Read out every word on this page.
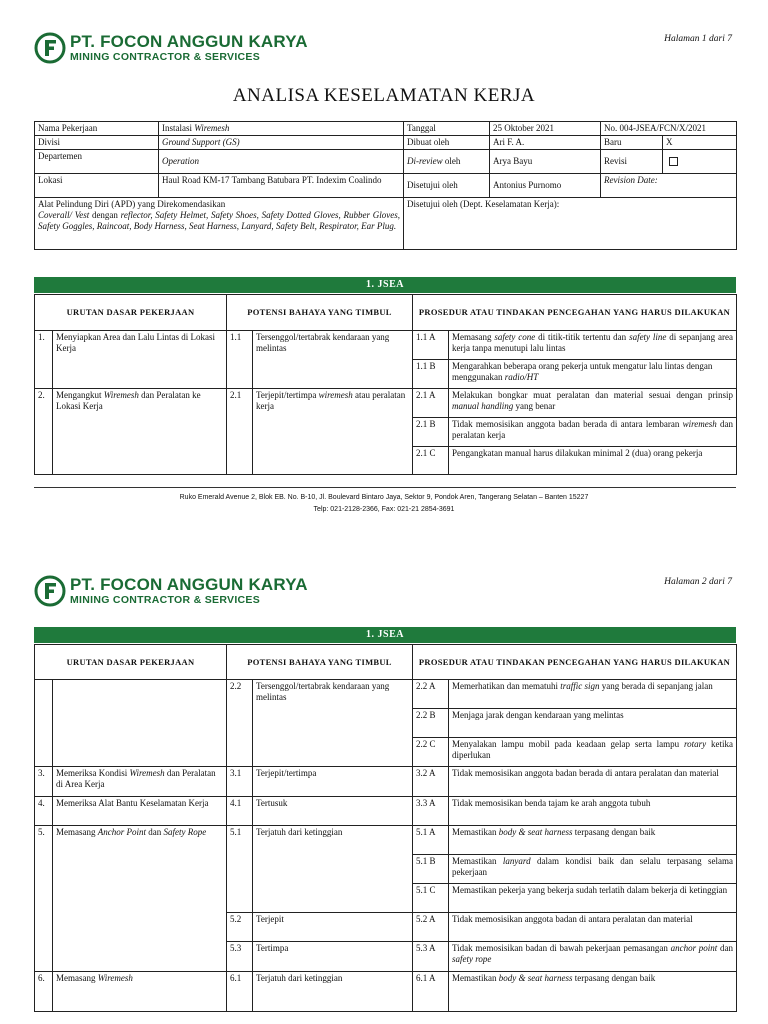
PT. FOCON ANGGUN KARYA
MINING CONTRACTOR & SERVICES
Halaman 1 dari 7
ANALISA KESELAMATAN KERJA
Nama Pekerjaan	Instalasi Wiremesh	Tanggal	25 Oktober 2021	No. 004-JSEA/FCN/X/2021	
Divisi	Ground Support (GS)	Dibuat oleh	Ari F. A.	Baru	X
Departemen	Operation	Di-review oleh	Arya Bayu	Revisi	
Lokasi	Haul Road KM-17 Tambang Batubara PT. Indexim Coalindo	Disetujui oleh	Antonius Purnomo	Revision Date:	

Alat Pelindung Diri (APD) yang Direkomendasikan
Coverall/ Vest dengan reflector, Safety Helmet, Safety Shoes, Safety Dotted Gloves, Rubber Gloves, Safety Goggles, Raincoat, Body Harness, Seat Harness, Lanyard, Safety Belt, Respirator, Ear Plug.		Disetujui oleh (Dept. Keselamatan Kerja):			
1. JSEA
URUTAN DASAR PEKERJAAN		POTENSI BAHAYA YANG TIMBUL		PROSEDUR ATAU TINDAKAN PENCEGAHAN YANG HARUS DILAKUKAN	
1.	Menyiapkan Area dan Lalu Lintas di Lokasi Kerja	1.1	Tersenggol/tertabrak kendaraan yang melintas	1.1 A	Memasang safety cone di titik-titik tertentu dan safety line di sepanjang area kerja tanpa menutupi lalu lintas
				1.1 B	Mengarahkan beberapa orang pekerja untuk mengatur lalu lintas dengan menggunakan radio/HT
2.	Mengangkut Wiremesh dan Peralatan ke Lokasi Kerja	2.1	Terjepit/tertimpa wiremesh atau peralatan kerja	2.1 A	Melakukan bongkar muat peralatan dan material sesuai dengan prinsip manual handling yang benar
				2.1 B	Tidak memosisikan anggota badan berada di antara lembaran wiremesh dan peralatan kerja
				2.1 C	Pengangkatan manual harus dilakukan minimal 2 (dua) orang pekerja
Ruko Emerald Avenue 2, Blok EB. No. B-10, Jl. Boulevard Bintaro Jaya, Sektor 9, Pondok Aren, Tangerang Selatan – Banten 15227
Telp: 021-2128-2366, Fax: 021-21 2854-3691
PT. FOCON ANGGUN KARYA
MINING CONTRACTOR & SERVICES
Halaman 2 dari 7
1. JSEA
URUTAN DASAR PEKERJAAN		POTENSI BAHAYA YANG TIMBUL		PROSEDUR ATAU TINDAKAN PENCEGAHAN YANG HARUS DILAKUKAN	
		2.2	Tersenggol/tertabrak kendaraan yang melintas	2.2 A	Memerhatikan dan mematuhi traffic sign yang berada di sepanjang jalan
				2.2 B	Menjaga jarak dengan kendaraan yang melintas
				2.2 C	Menyalakan lampu mobil pada keadaan gelap serta lampu rotary ketika diperlukan
3.	Memeriksa Kondisi Wiremesh dan Peralatan di Area Kerja	3.1	Terjepit/tertimpa	3.2 A	Tidak memosisikan anggota badan berada di antara peralatan dan material
4.	Memeriksa Alat Bantu Keselamatan Kerja	4.1	Tertusuk	3.3 A	Tidak memosisikan benda tajam ke arah anggota tubuh
5.	Memasang Anchor Point dan Safety Rope	5.1	Terjatuh dari ketinggian	5.1 A	Memastikan body & seat harness terpasang dengan baik
				5.1 B	Memastikan lanyard dalam kondisi baik dan selalu terpasang selama pekerjaan
				5.1 C	Memastikan pekerja yang bekerja sudah terlatih dalam bekerja di ketinggian
		5.2	Terjepit	5.2 A	Tidak memosisikan anggota badan di antara peralatan dan material
		5.3	Tertimpa	5.3 A	Tidak memosisikan badan di bawah pekerjaan pemasangan anchor point dan safety rope
6.	Memasang Wiremesh	6.1	Terjatuh dari ketinggian	6.1 A	Memastikan body & seat harness terpasang dengan baik
